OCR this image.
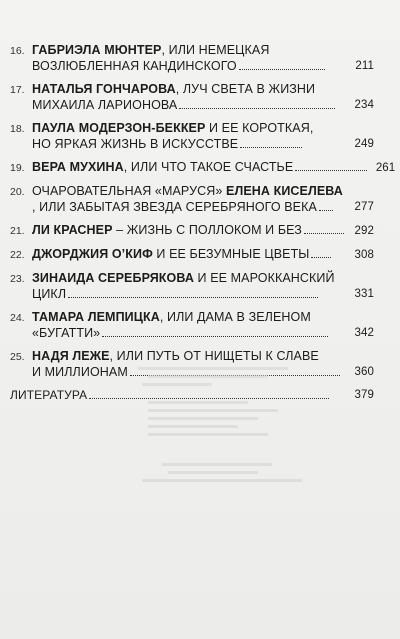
16. ГАБРИЭЛА МЮНТЕР, ИЛИ НЕМЕЦКАЯ
ВОЗЛЮБЛЕННАЯ КАНДИНСКОГО	211
17. НАТАЛЬЯ ГОНЧАРОВА, ЛУЧ СВЕТА В ЖИЗНИ
МИХАИЛА ЛАРИОНОВА	234
18. ПАУЛА МОДЕРЗОН-БЕККЕР И ЕЕ КОРОТКАЯ,
НО ЯРКАЯ ЖИЗНЬ В ИСКУССТВЕ	249
19. ВЕРА МУХИНА, ИЛИ ЧТО ТАКОЕ СЧАСТЬЕ	261
20. ОЧАРОВАТЕЛЬНАЯ «МАРУСЯ» ЕЛЕНА КИСЕЛЕВА
, ИЛИ ЗАБЫТАЯ ЗВЕЗДА СЕРЕБРЯНОГО ВЕКА	277
21. ЛИ КРАСНЕР – ЖИЗНЬ С ПОЛЛОКОМ И БЕЗ	292
22. ДЖОРДЖИЯ О’КИФ И ЕЕ БЕЗУМНЫЕ ЦВЕТЫ	308
23. ЗИНАИДА СЕРЕБРЯКОВА И ЕЕ МАРОККАНСКИЙ
ЦИКЛ	331
24. ТАМАРА ЛЕМПИЦКА, ИЛИ ДАМА В ЗЕЛЕНОМ
«БУГАТТИ»	342
25. НАДЯ ЛЕЖЕ, ИЛИ ПУТЬ ОТ НИЩЕТЫ К СЛАВЕ
И МИЛЛИОНАМ	360
ЛИТЕРАТУРА	379
